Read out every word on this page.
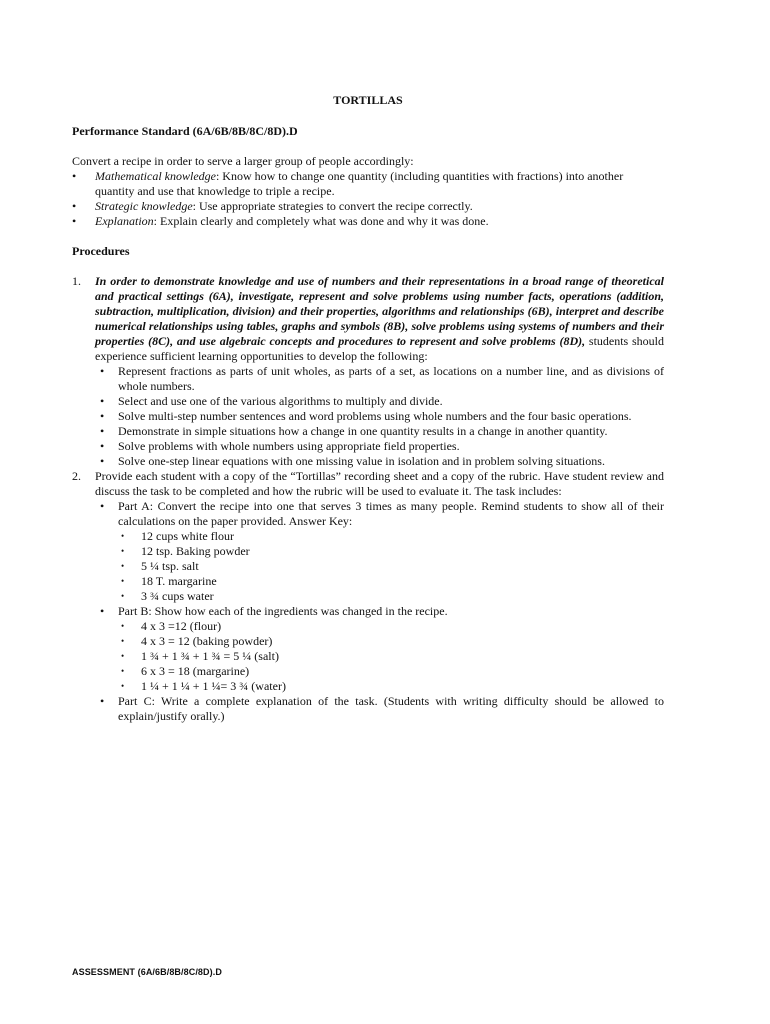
TORTILLAS
Performance Standard (6A/6B/8B/8C/8D).D
Convert a recipe in order to serve a larger group of people accordingly:
• Mathematical knowledge: Know how to change one quantity (including quantities with fractions) into another quantity and use that knowledge to triple a recipe.
• Strategic knowledge: Use appropriate strategies to convert the recipe correctly.
• Explanation: Explain clearly and completely what was done and why it was done.
Procedures
1. In order to demonstrate knowledge and use of numbers and their representations in a broad range of theoretical and practical settings (6A), investigate, represent and solve problems using number facts, operations (addition, subtraction, multiplication, division) and their properties, algorithms and relationships (6B), interpret and describe numerical relationships using tables, graphs and symbols (8B), solve problems using systems of numbers and their properties (8C), and use algebraic concepts and procedures to represent and solve problems (8D), students should experience sufficient learning opportunities to develop the following:
• Represent fractions as parts of unit wholes, as parts of a set, as locations on a number line, and as divisions of whole numbers.
• Select and use one of the various algorithms to multiply and divide.
• Solve multi-step number sentences and word problems using whole numbers and the four basic operations.
• Demonstrate in simple situations how a change in one quantity results in a change in another quantity.
• Solve problems with whole numbers using appropriate field properties.
• Solve one-step linear equations with one missing value in isolation and in problem solving situations.
2. Provide each student with a copy of the “Tortillas” recording sheet and a copy of the rubric. Have student review and discuss the task to be completed and how the rubric will be used to evaluate it. The task includes:
• Part A: Convert the recipe into one that serves 3 times as many people. Remind students to show all of their calculations on the paper provided. Answer Key:
• 12 cups white flour
• 12 tsp. Baking powder
• 5 ¼ tsp. salt
• 18 T. margarine
• 3 ¾ cups water
• Part B: Show how each of the ingredients was changed in the recipe.
• 4 x 3 =12 (flour)
• 4 x 3 = 12 (baking powder)
• 1 ¾ + 1 ¾ + 1 ¾ = 5 ¼ (salt)
• 6 x 3 = 18 (margarine)
• 1 ¼ + 1 ¼ + 1 ¼= 3 ¾ (water)
• Part C: Write a complete explanation of the task. (Students with writing difficulty should be allowed to explain/justify orally.)
ASSESSMENT (6A/6B/8B/8C/8D).D
